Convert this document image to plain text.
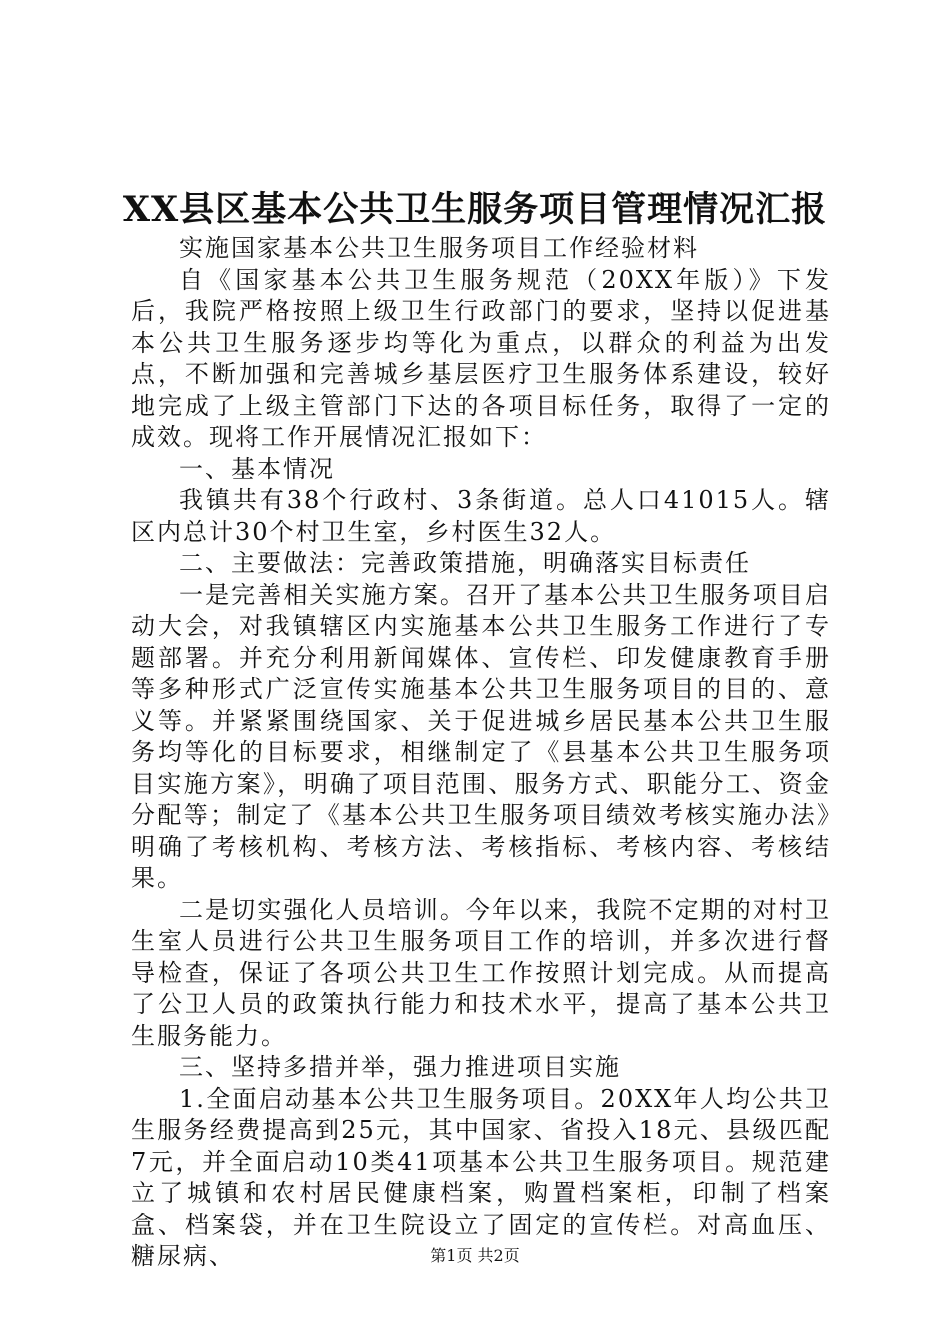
XX县区基本公共卫生服务项目管理情况汇报

实施国家基本公共卫生服务项目工作经验材料

自《国家基本公共卫生服务规范（20XX年版）》下发后，我院严格按照上级卫生行政部门的要求，坚持以促进基本公共卫生服务逐步均等化为重点，以群众的利益为出发点，不断加强和完善城乡基层医疗卫生服务体系建设，较好地完成了上级主管部门下达的各项目标任务，取得了一定的成效。现将工作开展情况汇报如下：

一、基本情况

我镇共有38个行政村、3条街道。总人口41015人。辖区内总计30个村卫生室，乡村医生32人。

二、主要做法：完善政策措施，明确落实目标责任

一是完善相关实施方案。召开了基本公共卫生服务项目启动大会，对我镇辖区内实施基本公共卫生服务工作进行了专题部署。并充分利用新闻媒体、宣传栏、印发健康教育手册等多种形式广泛宣传实施基本公共卫生服务项目的目的、意义等。并紧紧围绕国家、关于促进城乡居民基本公共卫生服务均等化的目标要求，相继制定了《县基本公共卫生服务项目实施方案》，明确了项目范围、服务方式、职能分工、资金分配等；制定了《基本公共卫生服务项目绩效考核实施办法》明确了考核机构、考核方法、考核指标、考核内容、考核结果。

二是切实强化人员培训。今年以来，我院不定期的对村卫生室人员进行公共卫生服务项目工作的培训，并多次进行督导检查，保证了各项公共卫生工作按照计划完成。从而提高了公卫人员的政策执行能力和技术水平，提高了基本公共卫生服务能力。

三、坚持多措并举，强力推进项目实施

1.全面启动基本公共卫生服务项目。20XX年人均公共卫生服务经费提高到25元，其中国家、省投入18元、县级匹配7元，并全面启动10类41项基本公共卫生服务项目。规范建立了城镇和农村居民健康档案，购置档案柜，印制了档案盒、档案袋，并在卫生院设立了固定的宣传栏。对高血压、糖尿病、	第1页 共2页
